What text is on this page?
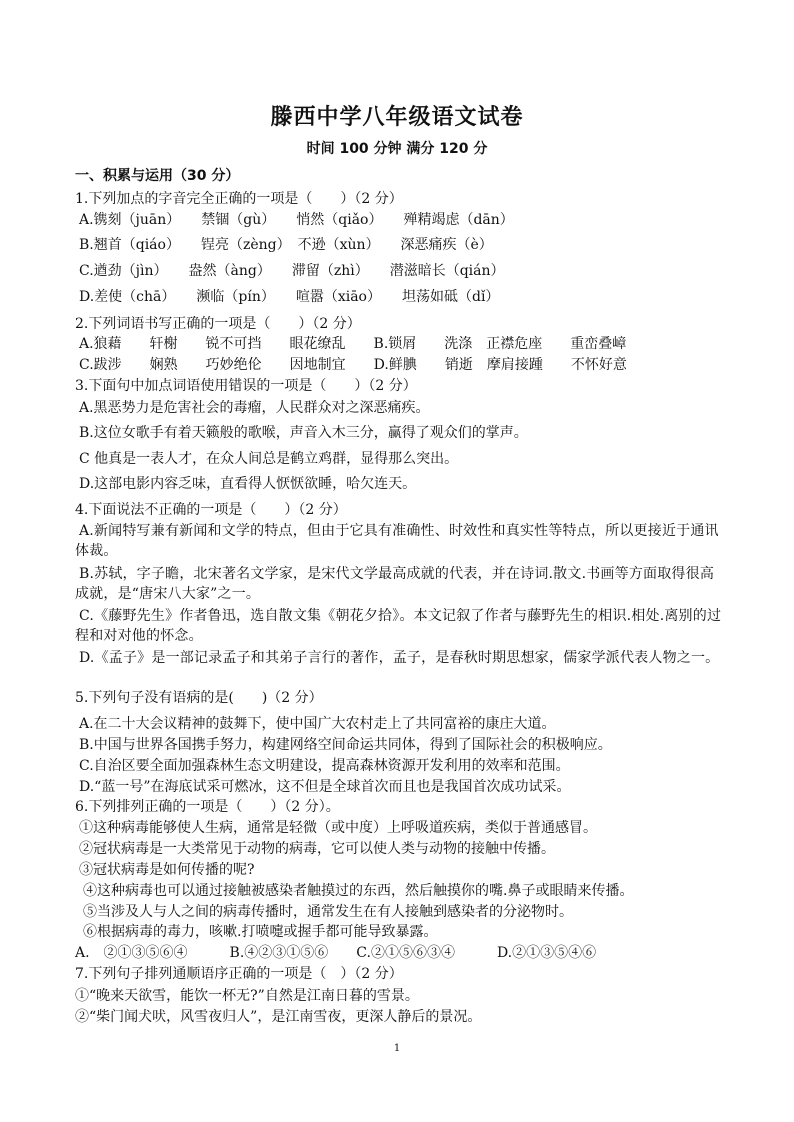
滕西中学八年级语文试卷
时间 100 分钟 满分 120 分
一、积累与运用（30 分）
1.下列加点的字音完全正确的一项是（　　）（2 分）
A.镌刻（juān）　　禁锢（gù）　　悄然（qiǎo）　　殚精竭虑（dān）
B.翘首（qiáo）　　锃亮（zèng）　不逊（xùn）　　深恶痛疾（è）
C.遒劲（jìn）　　盎然（àng）　　滞留（zhì）　　潜滋暗长（qián）
D.差使（chā）　　濒临（pín）　　喧嚣（xiāo）　　坦荡如砥（dǐ）
2.下列词语书写正确的一项是（　　）（2 分）
A.狼藉　　轩榭　　锐不可挡　　眼花缭乱　　B.锁屑　　洗涤　正襟危座　　重峦叠嶂
C.跋涉　　娴熟　　巧妙绝伦　　因地制宜　　D.鲜腆　　销逝　摩肩接踵　　不怀好意
3.下面句中加点词语使用错误的一项是（　　）（2 分）
A.黑恶势力是危害社会的毒瘤，人民群众对之深恶痛疾。
B.这位女歌手有着天籁般的歌喉，声音入木三分，赢得了观众们的掌声。
C 他真是一表人才，在众人间总是鹤立鸡群，显得那么突出。
D.这部电影内容乏味，直看得人恹恹欲睡，哈欠连天。
4.下面说法不正确的一项是（　　）（2 分）
A.新闻特写兼有新闻和文学的特点，但由于它具有准确性、时效性和真实性等特点，所以更接近于通讯体裁。
B.苏轼，字子瞻，北宋著名文学家，是宋代文学最高成就的代表，并在诗词.散文.书画等方面取得很高成就，是“唐宋八大家”之一。
C.《藤野先生》作者鲁迅，选自散文集《朝花夕拾》。本文记叙了作者与藤野先生的相识.相处.离别的过程和对对他的怀念。
D.《孟子》是一部记录孟子和其弟子言行的著作，孟子，是春秋时期思想家，儒家学派代表人物之一。
5.下列句子没有语病的是(　　)（2 分）
A.在二十大会议精神的鼓舞下，使中国广大农村走上了共同富裕的康庄大道。
B.中国与世界各国携手努力，构建网络空间命运共同体，得到了国际社会的积极响应。
C.自治区要全面加强森林生态文明建设，提高森林资源开发利用的效率和范围。
D.“蓝一号”在海底试采可燃冰，这不但是全球首次而且也是我国首次成功试采。
6.下列排列正确的一项是（　　）（2 分）。
①这种病毒能够使人生病，通常是轻微（或中度）上呼吸道疾病，类似于普通感冒。
②冠状病毒是一大类常见于动物的病毒，它可以使人类与动物的接触中传播。
③冠状病毒是如何传播的呢?
④这种病毒也可以通过接触被感染者触摸过的东西，然后触摸你的嘴.鼻子或眼睛来传播。
⑤当涉及人与人之间的病毒传播时，通常发生在有人接触到感染者的分泌物时。
⑥根据病毒的毒力，咳嗽.打喷嚏或握手都可能导致暴露。
A.　②①③⑤⑥④　　　B.④②③①⑤⑥　　C.②①⑤⑥③④　　　D.②①③⑤④⑥
7.下列句子排列通顺语序正确的一项是（　）（2 分）
①“晚来天欲雪，能饮一杯无?”自然是江南日暮的雪景。
②“柴门闻犬吠，风雪夜归人”，是江南雪夜，更深人静后的景况。
1
